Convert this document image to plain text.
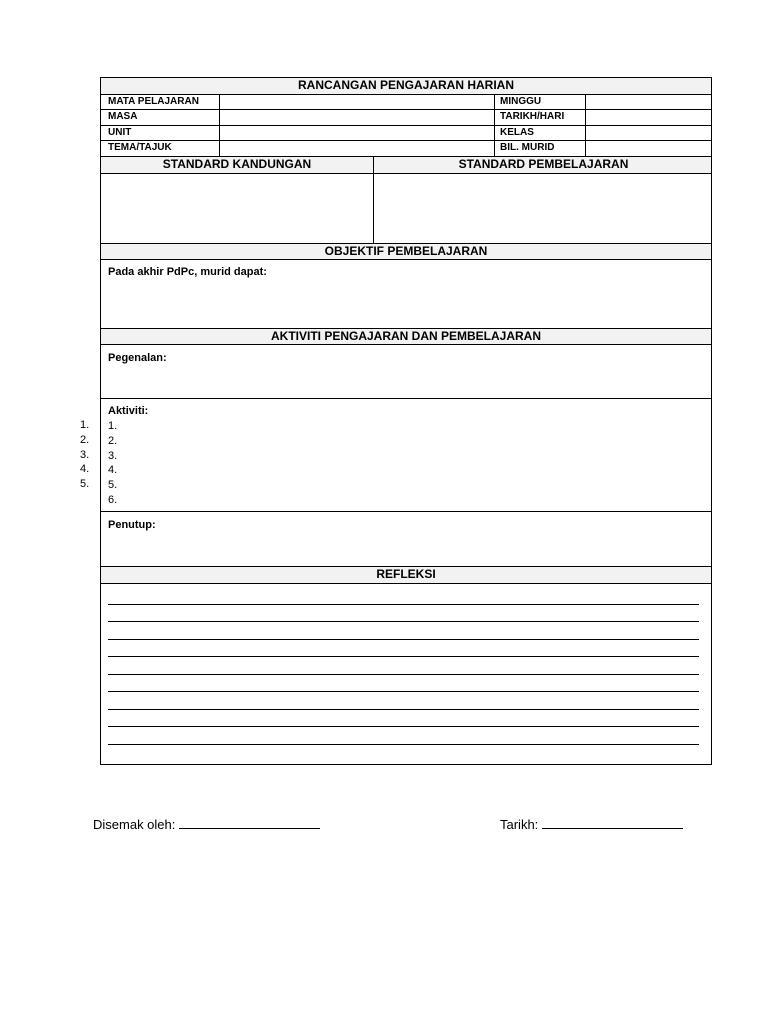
1.
2.
3.
4.
5.
RANCANGAN PENGAJARAN HARIAN
MATA PELAJARAN
MASA
UNIT
TEMA/TAJUK
MINGGU
TARIKH/HARI
KELAS
BIL. MURID
STANDARD KANDUNGAN	STANDARD PEMBELAJARAN
OBJEKTIF PEMBELAJARAN
Pada akhir PdPc, murid dapat:
AKTIVITI PENGAJARAN DAN PEMBELAJARAN
Pegenalan:
Aktiviti:
1.
2.
3.
4.
5.
6.
Penutup:
REFLEKSI
Disemak oleh:	Tarikh:
